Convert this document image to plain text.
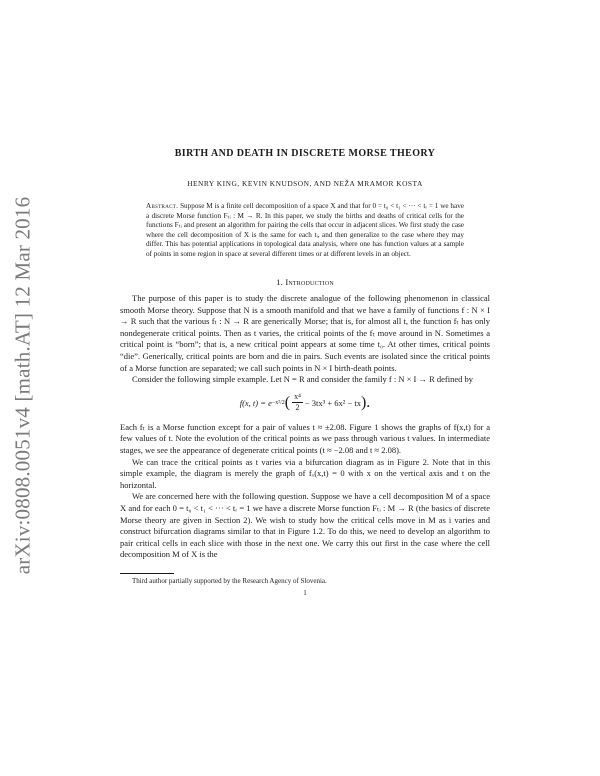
arXiv:0808.0051v4 [math.AT] 12 Mar 2016
BIRTH AND DEATH IN DISCRETE MORSE THEORY
HENRY KING, KEVIN KNUDSON, AND NEŽA MRAMOR KOSTA
Abstract. Suppose M is a finite cell decomposition of a space X and that for 0 = t₀ < t₁ < ··· < tᵣ = 1 we have a discrete Morse function Fₜᵢ : M → R. In this paper, we study the births and deaths of critical cells for the functions Fₜᵢ and present an algorithm for pairing the cells that occur in adjacent slices. We first study the case where the cell decomposition of X is the same for each tᵢ, and then generalize to the case where they may differ. This has potential applications in topological data analysis, where one has function values at a sample of points in some region in space at several different times or at different levels in an object.
1. Introduction

The purpose of this paper is to study the discrete analogue of the following phenomenon in classical smooth Morse theory. Suppose that N is a smooth manifold and that we have a family of functions f : N × I → R such that the various fₜ : N → R are generically Morse; that is, for almost all t, the function fₜ has only nondegenerate critical points. Then as t varies, the critical points of the fₜ move around in N. Sometimes a critical point is “born”; that is, a new critical point appears at some time t₀. At other times, critical points “die”. Generically, critical points are born and die in pairs. Such events are isolated since the critical points of a Morse function are separated; we call such points in N × I birth-death points.

Consider the following simple example. Let N = R and consider the family f : N × I → R defined by

f(x, t) = e −x²/2 ( $\frac{\text{x⁴}}{2} - 3tx^3 + 6x^2$ − tx ).

Each fₜ is a Morse function except for a pair of values t ≈ ±2.08. Figure 1 shows the graphs of f(x,t) for a few values of t. Note the evolution of the critical points as we pass through various t values. In intermediate stages, we see the appearance of degenerate critical points (t ≈ −2.08 and t ≈ 2.08).

We can trace the critical points as t varies via a bifurcation diagram as in Figure 2. Note that in this simple example, the diagram is merely the graph of fₓ(x,t) = 0 with x on the vertical axis and t on the horizontal.

We are concerned here with the following question. Suppose we have a cell decomposition M of a space X and for each 0 = t₀ < t₁ < ··· < tᵣ = 1 we have a discrete Morse function Fₜᵢ : M → R (the basics of discrete Morse theory are given in Section 2). We wish to study how the critical cells move in M as i varies and construct bifurcation diagrams similar to that in Figure 1.2. To do this, we need to develop an algorithm to pair critical cells in each slice with those in the next one. We carry this out first in the case where the cell decomposition M of X is the

Third author partially supported by the Research Agency of Slovenia.

1
